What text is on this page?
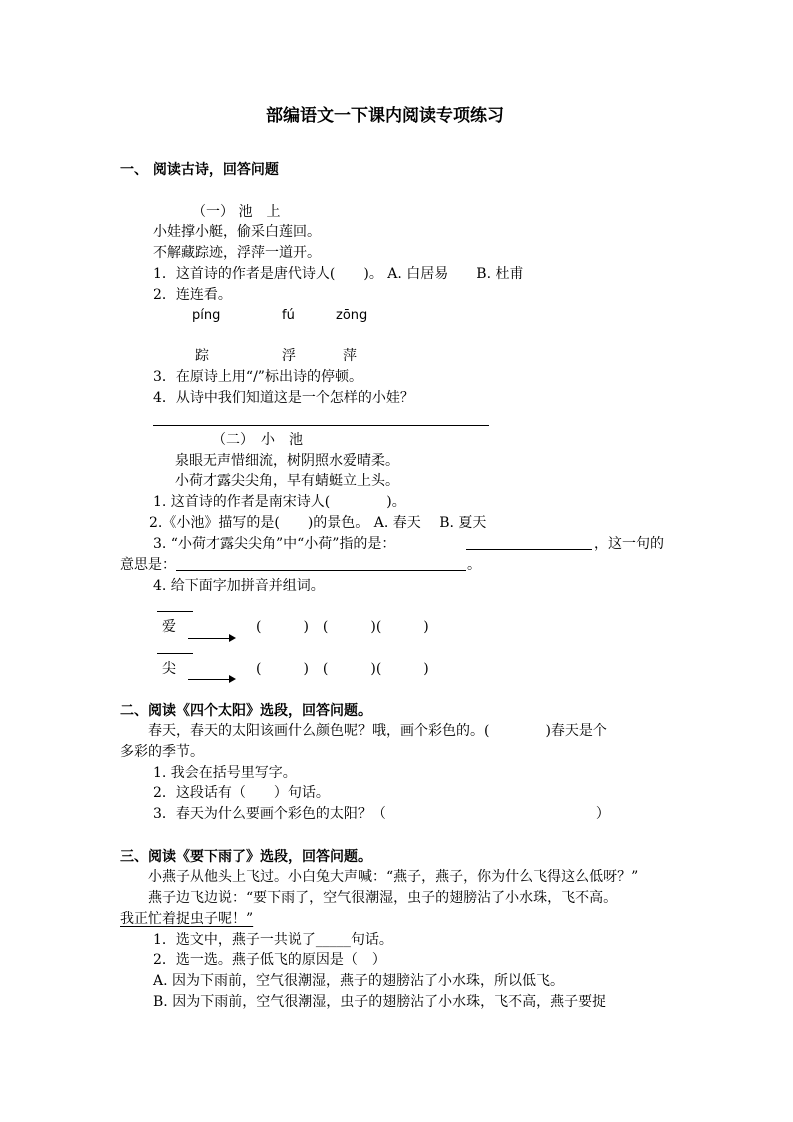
部编语文一下课内阅读专项练习
一、 阅读古诗，回答问题
（一） 池　上
小娃撑小艇，偷采白莲回。
不解藏踪迹，浮萍一道开。
1．这首诗的作者是唐代诗人(　　)。 A. 白居易　　B. 杜甫
2．连连看。
píng	fú	zōng
踪	浮	萍
3．在原诗上用“/”标出诗的停顿。
4．从诗中我们知道这是一个怎样的小娃？
（二）　小　池
泉眼无声惜细流，树阴照水爱晴柔。
小荷才露尖尖角，早有蜻蜓立上头。
1. 这首诗的作者是南宋诗人(　　　　)。
2.《小池》描写的是(　　)的景色。 A. 春天　 B. 夏天
3. “小荷才露尖尖角”中“小荷”指的是：	，这一句的
意思是：	。
4. 给下面字加拼音并组词。
爱	(　　　)　(　　　)(　　　)
尖	(　　　)　(　　　)(　　　)
二、阅读《四个太阳》选段，回答问题。
春天，春天的太阳该画什么颜色呢？哦，画个彩色的。(　　　　)春天是个
多彩的季节。
1. 我会在括号里写字。
2．这段话有（　　）句话。
3．春天为什么要画个彩色的太阳？（　　　　　　　　　　　　　　　）
三、阅读《要下雨了》选段，回答问题。
小燕子从他头上飞过。小白兔大声喊：“燕子，燕子，你为什么飞得这么低呀？”
燕子边飞边说：“要下雨了，空气很潮湿，虫子的翅膀沾了小水珠，飞不高。
我正忙着捉虫子呢！”
1．选文中，燕子一共说了_____句话。
2．选一选。燕子低飞的原因是（　）
A. 因为下雨前，空气很潮湿，燕子的翅膀沾了小水珠，所以低飞。
B. 因为下雨前，空气很潮湿，虫子的翅膀沾了小水珠，飞不高，燕子要捉
